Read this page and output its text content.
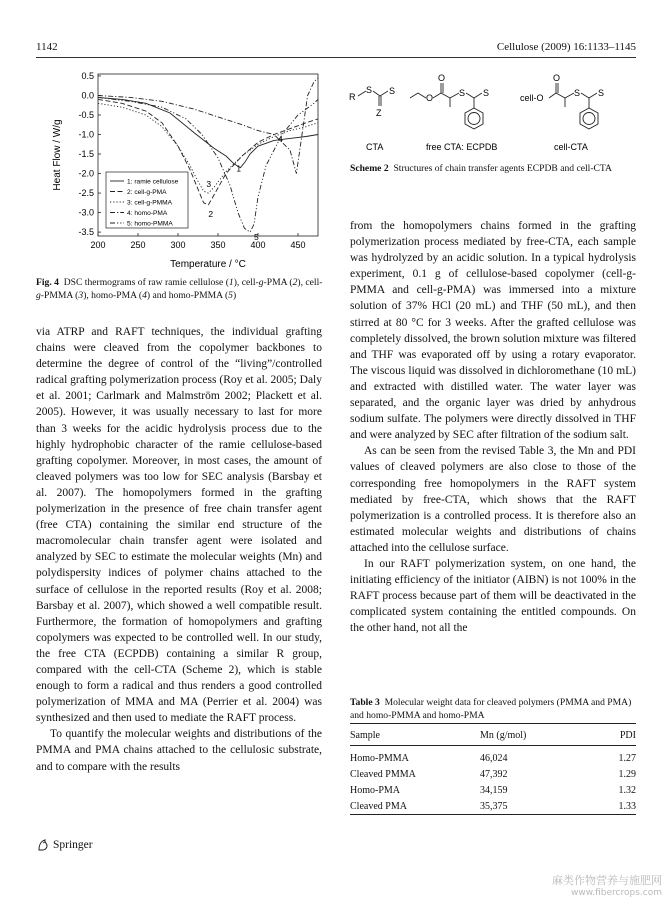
1142	Cellulose (2009) 16:1133–1145
200	250	300	350	400	450
0.5
0.0
-0.5
-1.0
-1.5
-2.0
-2.5
-3.0
-3.5
1
2
3
4
5
1: ramie cellulose
2: cell-g-PMA
3: cell-g-PMMA
4: homo-PMA
5: homo-PMMA
Temperature / °C
Heat Flow / W/g
Fig. 4  DSC thermograms of raw ramie cellulose (1), cell-g-PMA (2), cell-g-PMMA (3), homo-PMA (4) and homo-PMMA (5)
R
S S
Z
O
O
S S	cell-O
O
S S
CTA	free CTA: ECPDB	cell-CTA
Scheme 2  Structures of chain transfer agents ECPDB and cell-CTA

via ATRP and RAFT techniques, the individual grafting chains were cleaved from the copolymer backbones to determine the degree of control of the “living”/controlled radical grafting polymerization process (Roy et al. 2005; Daly et al. 2001; Carlmark and Malmström 2002; Plackett et al. 2005). However, it was usually necessary to last for more than 3 weeks for the acidic hydrolysis process due to the highly hydrophobic character of the ramie cellulose-based grafting copolymer. Moreover, in most cases, the amount of cleaved polymers was too low for SEC analysis (Barsbay et al. 2007). The homopolymers formed in the grafting polymerization in the presence of free chain transfer agent (free CTA) containing the similar end structure of the macromolecular chain transfer agent were isolated and analyzed by SEC to estimate the molecular weights (Mn) and polydispersity indices of polymer chains attached to the surface of cellulose in the reported results (Roy et al. 2008; Barsbay et al. 2007), which showed a well compatible result. Furthermore, the formation of homopolymers and grafting copolymers was expected to be controlled well. In our study, the free CTA (ECPDB) containing a similar R group, compared with the cell-CTA (Scheme 2), which is stable enough to form a radical and thus renders a good controlled polymerization of MMA and MA (Perrier et al. 2004) was synthesized and then used to mediate the RAFT process.

To quantify the molecular weights and distributions of the PMMA and PMA chains attached to the cellulosic substrate, and to compare with the results

from the homopolymers chains formed in the grafting polymerization process mediated by free-CTA, each sample was hydrolyzed by an acidic solution. In a typical hydrolysis experiment, 0.1 g of cellulose-based copolymer (cell-g-PMMA and cell-g-PMA) was immersed into a mixture solution of 37% HCl (20 mL) and THF (50 mL), and then stirred at 80 °C for 3 weeks. After the grafted cellulose was completely dissolved, the brown solution mixture was filtered and THF was evaporated off by using a rotary evaporator. The viscous liquid was dissolved in dichloromethane (10 mL) and extracted with distilled water. The water layer was separated, and the organic layer was dried by anhydrous sodium sulfate. The polymers were directly dissolved in THF and were analyzed by SEC after filtration of the sodium salt.

As can be seen from the revised Table 3, the Mn and PDI values of cleaved polymers are also close to those of the corresponding free homopolymers in the RAFT system mediated by free-CTA, which shows that the RAFT polymerization is a controlled process. It is therefore also an estimated molecular weights and distributions of chains attached into the cellulose surface.

In our RAFT polymerization system, on one hand, the initiating efficiency of the initiator (AIBN) is not 100% in the RAFT process because part of them will be deactivated in the complicated system containing the entitled compounds. On the other hand, not all the

Table 3  Molecular weight data for cleaved polymers (PMMA and PMA) and homo-PMMA and homo-PMA
Sample	Mn (g/mol)	PDI
Homo-PMMA	46,024	1.27
Cleaved PMMA	47,392	1.29
Homo-PMA	34,159	1.32
Cleaved PMA	35,375	1.33
Springer
麻类作物营养与施肥网
www.fibercrops.com
